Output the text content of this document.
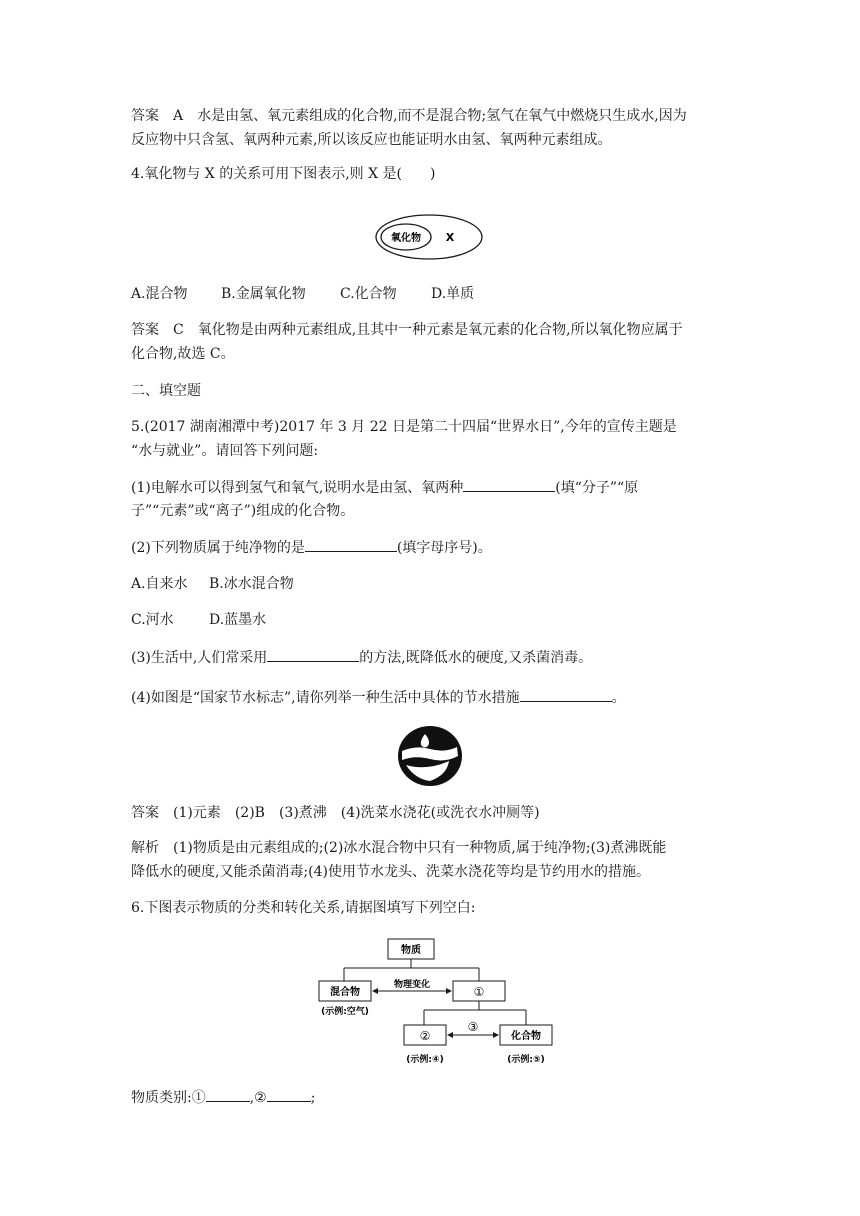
答案　A　水是由氢、氧元素组成的化合物,而不是混合物;氢气在氧气中燃烧只生成水,因为
反应物中只含氢、氧两种元素,所以该反应也能证明水由氢、氧两种元素组成。
4.氧化物与 X 的关系可用下图表示,则 X 是(　　)
氧化物 X
A.混合物 B.金属氧化物 C.化合物 D.单质
答案　C　氧化物是由两种元素组成,且其中一种元素是氧元素的化合物,所以氧化物应属于
化合物,故选 C。
二、填空题
5.(2017 湖南湘潭中考)2017 年 3 月 22 日是第二十四届“世界水日”,今年的宣传主题是
“水与就业”。请回答下列问题:
(1)电解水可以得到氢气和氧气,说明水是由氢、氧两种	(填“分子”“原
子”“元素”或“离子”)组成的化合物。
(2)下列物质属于纯净物的是	(填字母序号)。
A.自来水 B.冰水混合物
C.河水	D.蓝墨水
(3)生活中,人们常采用	的方法,既降低水的硬度,又杀菌消毒。
(4)如图是“国家节水标志”,请你列举一种生活中具体的节水措施	。
答案　(1)元素　(2)B　(3)煮沸　(4)洗菜水浇花(或洗衣水冲厕等)
解析　(1)物质是由元素组成的;(2)冰水混合物中只有一种物质,属于纯净物;(3)煮沸既能
降低水的硬度,又能杀菌消毒;(4)使用节水龙头、洗菜水浇花等均是节约用水的措施。
6.下图表示物质的分类和转化关系,请据图填写下列空白:
物质
混合物
(示例:空气)
物理变化	①
②
③
化合物
(示例:④)	(示例:⑤)
物质类别:①	,②	;
